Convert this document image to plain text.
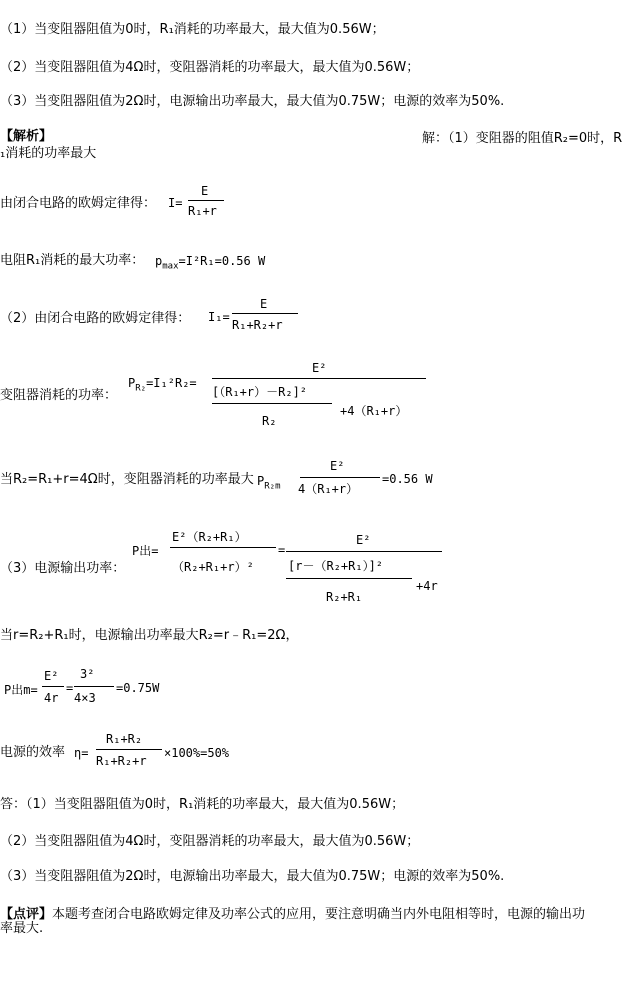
（1）当变阻器阻值为0时，R₁消耗的功率最大，最大值为0.56W；
（2）当变阻器阻值为4Ω时，变阻器消耗的功率最大，最大值为0.56W；
（3）当变阻器阻值为2Ω时，电源输出功率最大，最大值为0.75W；电源的效率为50%.
【解析】	解：（1）变阻器的阻值R₂=0时，R
₁消耗的功率最大
由闭合电路的欧姆定律得： I=
E
R₁+r
电阻R₁消耗的最大功率： $p_{max}=I^2R_1=0.56$ W
（2）由闭合电路的欧姆定律得： I₁=
E
R₁+R₂+r
变阻器消耗的功率：
$P_{R_2}=I_1^2R_2=$
E²
[（R₁+r）－R₂]²
R₂
+4（R₁+r）
当R₂=R₁+r=4Ω时，变阻器消耗的功率最大 $P_{R_2m}$
E²
4（R₁+r）
=0.56 W
（3）电源输出功率：
P出=
E²（R₂+R₁）
（R₂+R₁+r）²
=
E²
[r－（R₂+R₁）]²
R₂+R₁
+4r
当r=R₂+R₁时，电源输出功率最大R₂=r﹣R₁=2Ω，
P出m=
E²
4r
=
3²
4×3
=0.75W
电源的效率 η=
R₁+R₂
R₁+R₂+r
×100%=50%
答：（1）当变阻器阻值为0时，R₁消耗的功率最大，最大值为0.56W；
（2）当变阻器阻值为4Ω时，变阻器消耗的功率最大，最大值为0.56W；
（3）当变阻器阻值为2Ω时，电源输出功率最大，最大值为0.75W；电源的效率为50%.
【点评】本题考查闭合电路欧姆定律及功率公式的应用，要注意明确当内外电阻相等时，电源的输出功
率最大.
